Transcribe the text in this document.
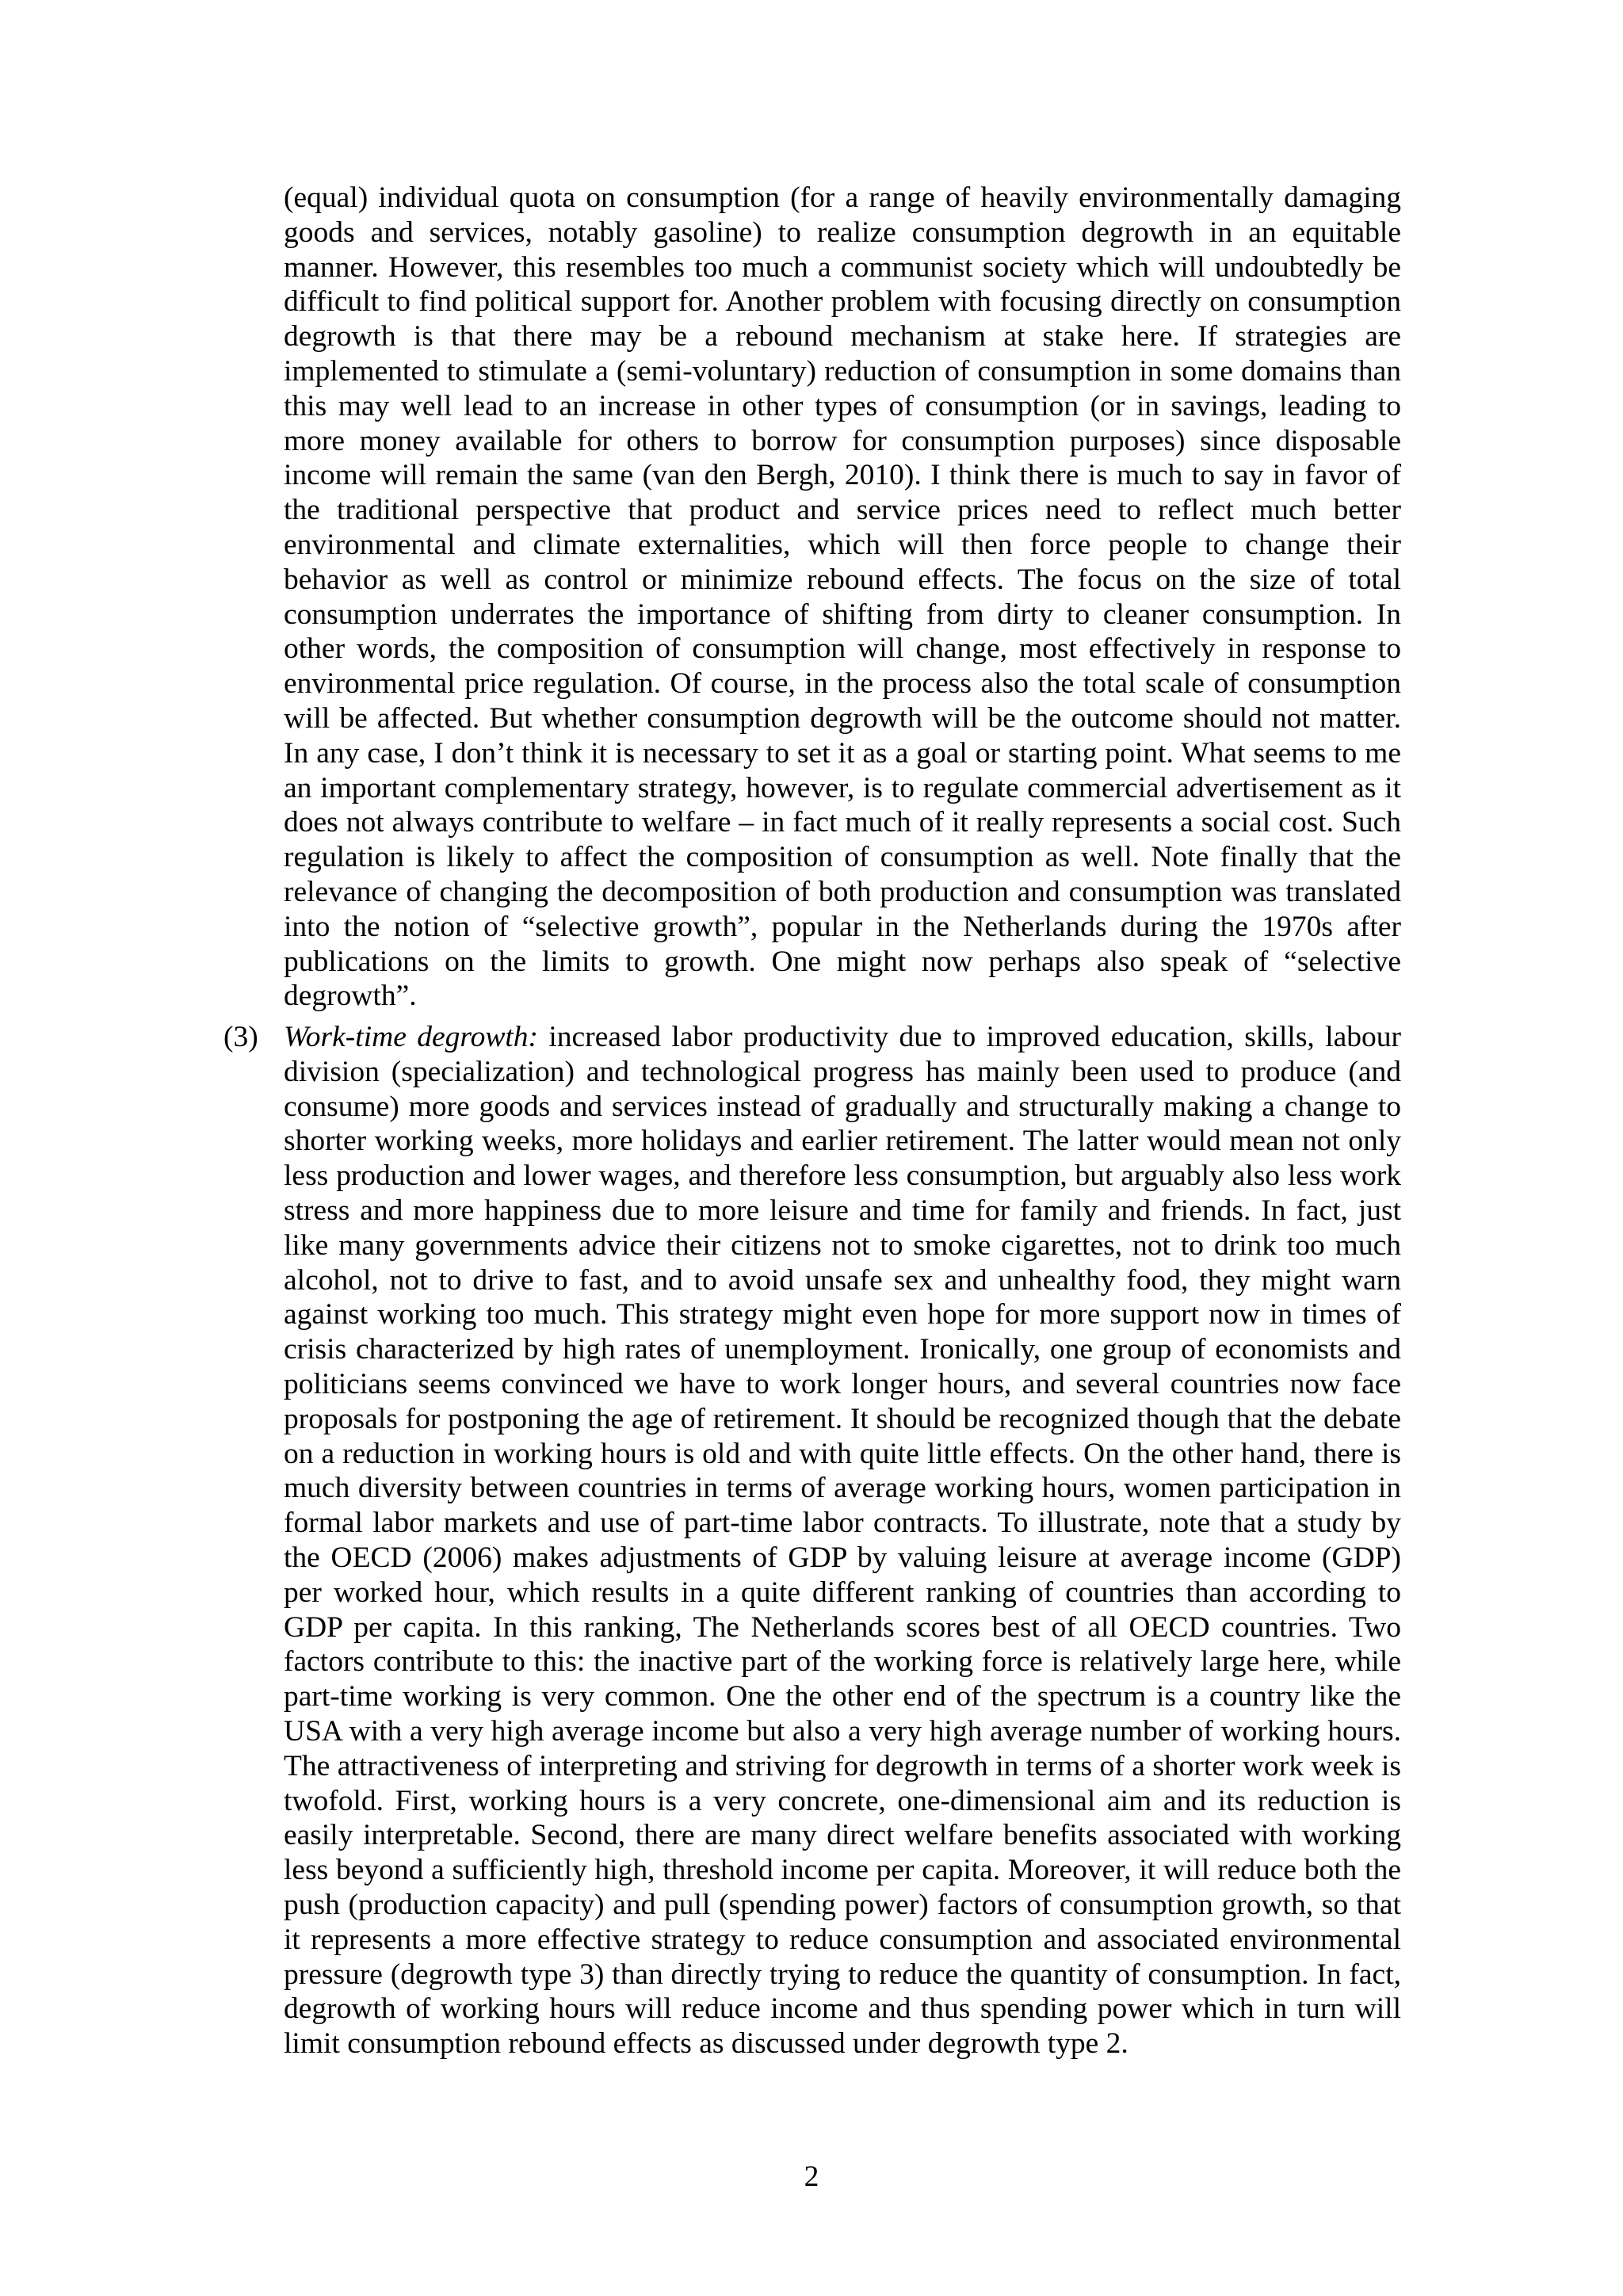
(equal) individual quota on consumption (for a range of heavily environmentally damaging goods and services, notably gasoline) to realize consumption degrowth in an equitable manner. However, this resembles too much a communist society which will undoubtedly be difficult to find political support for. Another problem with focusing directly on consumption degrowth is that there may be a rebound mechanism at stake here. If strategies are implemented to stimulate a (semi-voluntary) reduction of consumption in some domains than this may well lead to an increase in other types of consumption (or in savings, leading to more money available for others to borrow for consumption purposes) since disposable income will remain the same (van den Bergh, 2010). I think there is much to say in favor of the traditional perspective that product and service prices need to reflect much better environmental and climate externalities, which will then force people to change their behavior as well as control or minimize rebound effects. The focus on the size of total consumption underrates the importance of shifting from dirty to cleaner consumption. In other words, the composition of consumption will change, most effectively in response to environmental price regulation. Of course, in the process also the total scale of consumption will be affected. But whether consumption degrowth will be the outcome should not matter. In any case, I don’t think it is necessary to set it as a goal or starting point. What seems to me an important complementary strategy, however, is to regulate commercial advertisement as it does not always contribute to welfare – in fact much of it really represents a social cost. Such regulation is likely to affect the composition of consumption as well. Note finally that the relevance of changing the decomposition of both production and consumption was translated into the notion of “selective growth”, popular in the Netherlands during the 1970s after publications on the limits to growth. One might now perhaps also speak of “selective degrowth”.

(3) Work-time degrowth: increased labor productivity due to improved education, skills, labour division (specialization) and technological progress has mainly been used to produce (and consume) more goods and services instead of gradually and structurally making a change to shorter working weeks, more holidays and earlier retirement. The latter would mean not only less production and lower wages, and therefore less consumption, but arguably also less work stress and more happiness due to more leisure and time for family and friends. In fact, just like many governments advice their citizens not to smoke cigarettes, not to drink too much alcohol, not to drive to fast, and to avoid unsafe sex and unhealthy food, they might warn against working too much. This strategy might even hope for more support now in times of crisis characterized by high rates of unemployment. Ironically, one group of economists and politicians seems convinced we have to work longer hours, and several countries now face proposals for postponing the age of retirement. It should be recognized though that the debate on a reduction in working hours is old and with quite little effects. On the other hand, there is much diversity between countries in terms of average working hours, women participation in formal labor markets and use of part-time labor contracts. To illustrate, note that a study by the OECD (2006) makes adjustments of GDP by valuing leisure at average income (GDP) per worked hour, which results in a quite different ranking of countries than according to GDP per capita. In this ranking, The Netherlands scores best of all OECD countries. Two factors contribute to this: the inactive part of the working force is relatively large here, while part-time working is very common. One the other end of the spectrum is a country like the USA with a very high average income but also a very high average number of working hours. The attractiveness of interpreting and striving for degrowth in terms of a shorter work week is twofold. First, working hours is a very concrete, one-dimensional aim and its reduction is easily interpretable. Second, there are many direct welfare benefits associated with working less beyond a sufficiently high, threshold income per capita. Moreover, it will reduce both the push (production capacity) and pull (spending power) factors of consumption growth, so that it represents a more effective strategy to reduce consumption and associated environmental pressure (degrowth type 3) than directly trying to reduce the quantity of consumption. In fact, degrowth of working hours will reduce income and thus spending power which in turn will limit consumption rebound effects as discussed under degrowth type 2.

2
